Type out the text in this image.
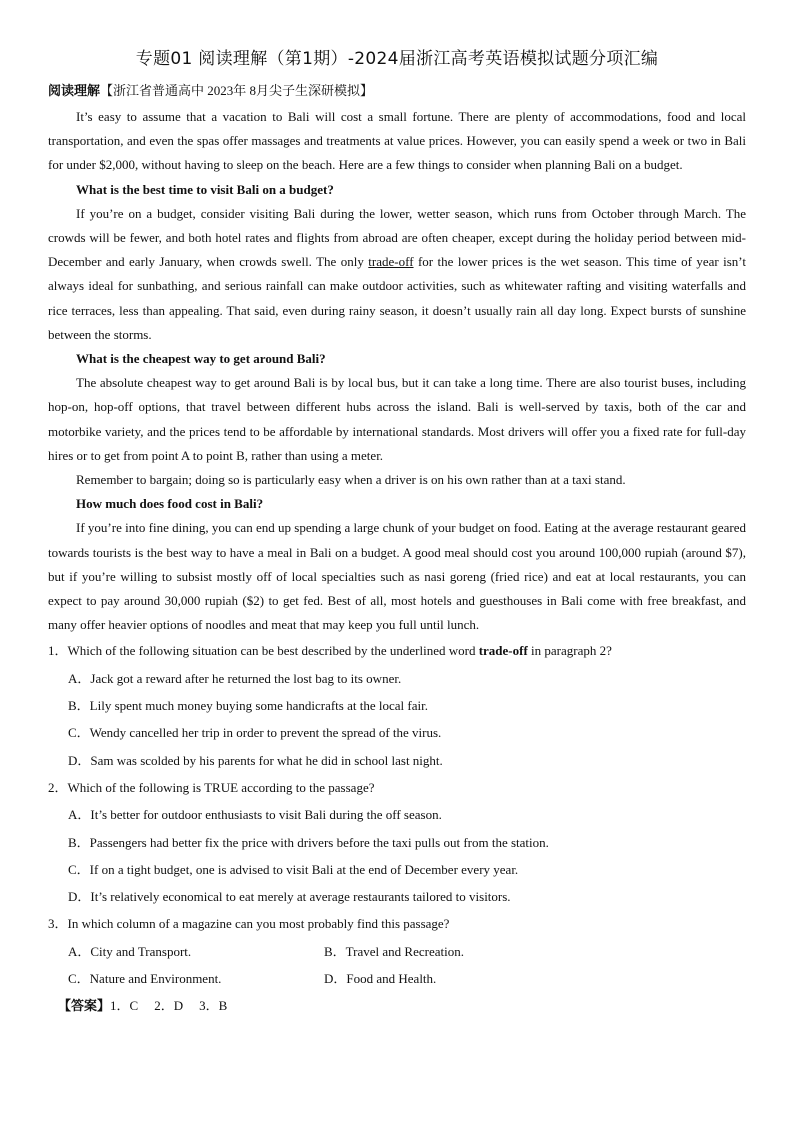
专题01 阅读理解（第1期）-2024届浙江高考英语模拟试题分项汇编

阅读理解【浙江省普通高中 2023年 8月尖子生深研模拟】

It’s easy to assume that a vacation to Bali will cost a small fortune. There are plenty of accommodations, food and local transportation, and even the spas offer massages and treatments at value prices. However, you can easily spend a week or two in Bali for under $2,000, without having to sleep on the beach. Here are a few things to consider when planning Bali on a budget.

What is the best time to visit Bali on a budget?

If you’re on a budget, consider visiting Bali during the lower, wetter season, which runs from October through March. The crowds will be fewer, and both hotel rates and flights from abroad are often cheaper, except during the holiday period between mid-December and early January, when crowds swell. The only trade-off for the lower prices is the wet season. This time of year isn’t always ideal for sunbathing, and serious rainfall can make outdoor activities, such as whitewater rafting and visiting waterfalls and rice terraces, less than appealing. That said, even during rainy season, it doesn’t usually rain all day long. Expect bursts of sunshine between the storms.

What is the cheapest way to get around Bali?

The absolute cheapest way to get around Bali is by local bus, but it can take a long time. There are also tourist buses, including hop-on, hop-off options, that travel between different hubs across the island. Bali is well-served by taxis, both of the car and motorbike variety, and the prices tend to be affordable by international standards. Most drivers will offer you a fixed rate for full-day hires or to get from point A to point B, rather than using a meter.

Remember to bargain; doing so is particularly easy when a driver is on his own rather than at a taxi stand.

How much does food cost in Bali?

If you’re into fine dining, you can end up spending a large chunk of your budget on food. Eating at the average restaurant geared towards tourists is the best way to have a meal in Bali on a budget. A good meal should cost you around 100,000 rupiah (around $7), but if you’re willing to subsist mostly off of local specialties such as nasi goreng (fried rice) and eat at local restaurants, you can expect to pay around 30,000 rupiah ($2) to get fed. Best of all, most hotels and guesthouses in Bali come with free breakfast, and many offer heavier options of noodles and meat that may keep you full until lunch.

1．Which of the following situation can be best described by the underlined word trade-off in paragraph 2?

A．Jack got a reward after he returned the lost bag to its owner.

B．Lily spent much money buying some handicrafts at the local fair.

C．Wendy cancelled her trip in order to prevent the spread of the virus.

D．Sam was scolded by his parents for what he did in school last night.

2．Which of the following is TRUE according to the passage?

A．It’s better for outdoor enthusiasts to visit Bali during the off season.

B．Passengers had better fix the price with drivers before the taxi pulls out from the station.

C．If on a tight budget, one is advised to visit Bali at the end of December every year.

D．It’s relatively economical to eat merely at average restaurants tailored to visitors.

3．In which column of a magazine can you most probably find this passage?

A．City and Transport.	B．Travel and Recreation.
C．Nature and Environment.	D．Food and Health.

【答案】1．C 2．D 3．B
